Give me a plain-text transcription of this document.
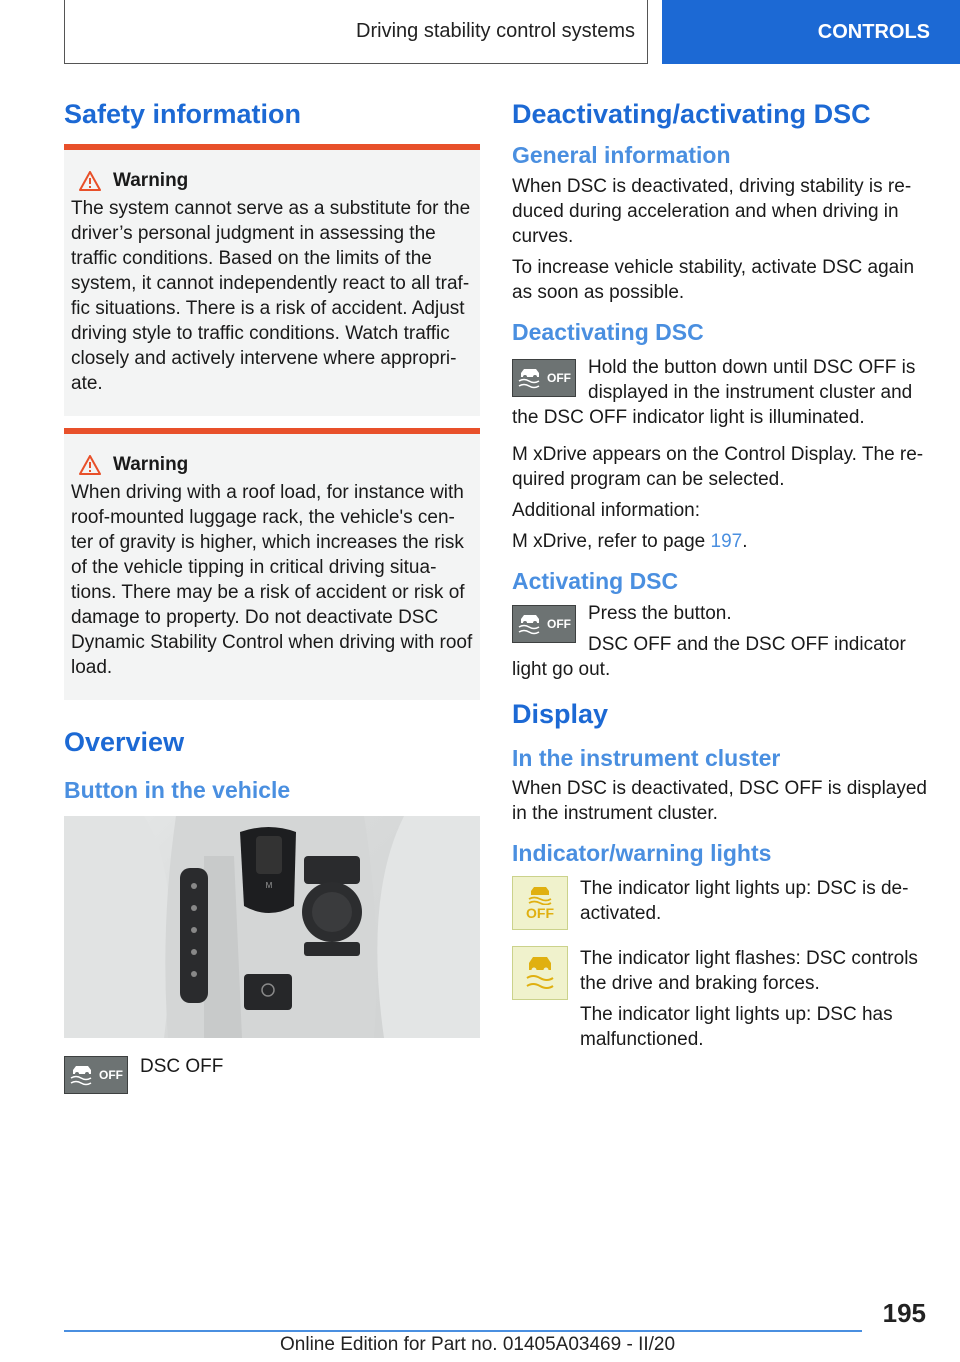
Driving stability control systems	CONTROLS
Safety information
Warning

The system cannot serve as a substitute for the driver’s personal judgment in assessing the traffic conditions. Based on the limits of the system, it cannot independently react to all traf- fic situations. There is a risk of accident. Adjust driving style to traffic conditions. Watch traffic closely and actively intervene where appropri- ate.

Warning

When driving with a roof load, for instance with roof-mounted luggage rack, the vehicle's cen- ter of gravity is higher, which increases the risk of the vehicle tipping in critical driving situa- tions. There may be a risk of accident or risk of damage to property. Do not deactivate DSC Dynamic Stability Control when driving with roof load.

Overview
Button in the vehicle
M
OFF DSC OFF

Deactivating/activating DSC
General information

When DSC is deactivated, driving stability is re- duced during acceleration and when driving in curves.

To increase vehicle stability, activate DSC again as soon as possible.

Deactivating DSC
OFF Hold the button down until DSC OFF is displayed in the instrument cluster and the DSC OFF indicator light is illuminated.

M xDrive appears on the Control Display. The re- quired program can be selected.

Additional information:

M xDrive, refer to page 197.

Activating DSC
OFF Press the button.

DSC OFF and the DSC OFF indicator light go out.

Display
In the instrument cluster

When DSC is deactivated, DSC OFF is displayed in the instrument cluster.

Indicator/warning lights
OFF

The indicator light lights up: DSC is de- activated.

The indicator light flashes: DSC controls the drive and braking forces.

The indicator light lights up: DSC has malfunctioned.

195
Online Edition for Part no. 01405A03469 - II/20
